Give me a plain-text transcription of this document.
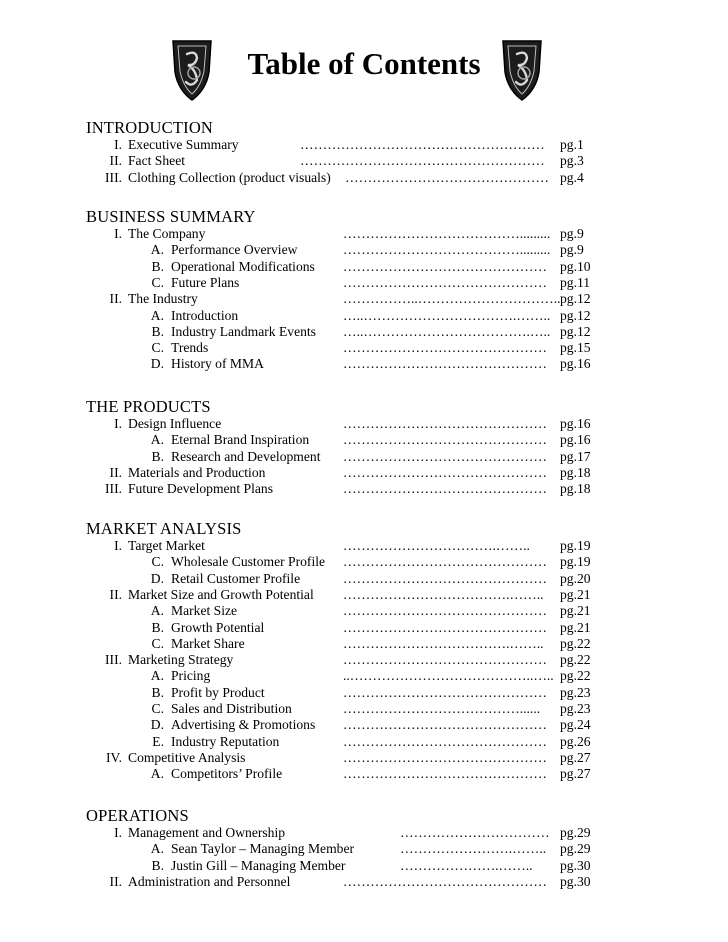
Table of Contents
INTRODUCTION
I. Executive Summary	………………………………………………	pg.1
II. Fact Sheet	………………………………………………	pg.3
III. Clothing Collection (product visuals) ……………………………………… pg.4
BUSINESS SUMMARY
I. The Company	…………………………………......... pg.9
A. Performance Overview	…………………………………......... pg.9
B. Operational Modifications ……………………………………… pg.10
C. Future Plans	……………………………………… pg.11
II. The Industry	……………..………………………….. pg.12
A. Introduction	…..…………………………….…….. pg.12
B. Industry Landmark Events …..……………………………….….. pg.12
C. Trends	……………………………………… pg.15
D. History of MMA	……………………………………… pg.16
THE PRODUCTS
I. Design Influence	……………………………………… pg.16
A. Eternal Brand Inspiration ……………………………………… pg.16
B. Research and Development ……………………………………… pg.17
II. Materials and Production	……………………………………… pg.18
III. Future Development Plans	……………………………………… pg.18
MARKET ANALYSIS
I. Target Market	…………………………….……..	pg.19
C. Wholesale Customer Profile ……………………………………… pg.19
D. Retail Customer Profile	……………………………………… pg.20
II. Market Size and Growth Potential ……………………………….……..	pg.21
A. Market Size	……………………………………… pg.21
B. Growth Potential	……………………………………… pg.21
C. Market Share	……………………………….……..	pg.22
III. Marketing Strategy	……………………………………… pg.22
A. Pricing	..…………………………………..….. pg.22
B. Profit by Product	……………………………………… pg.23
C. Sales and Distribution	…………………………………......	pg.23
D. Advertising & Promotions ……………………………………… pg.24
E. Industry Reputation	……………………………………… pg.26
IV. Competitive Analysis	……………………………………… pg.27
A. Competitors’ Profile	……………………………………… pg.27
OPERATIONS
I. Management and Ownership	…………………………… pg.29
A. Sean Taylor – Managing Member	…………………….……..	pg.29
B. Justin Gill – Managing Member	………………….……..	pg.30
II. Administration and Personnel	……………………………………… pg.30
